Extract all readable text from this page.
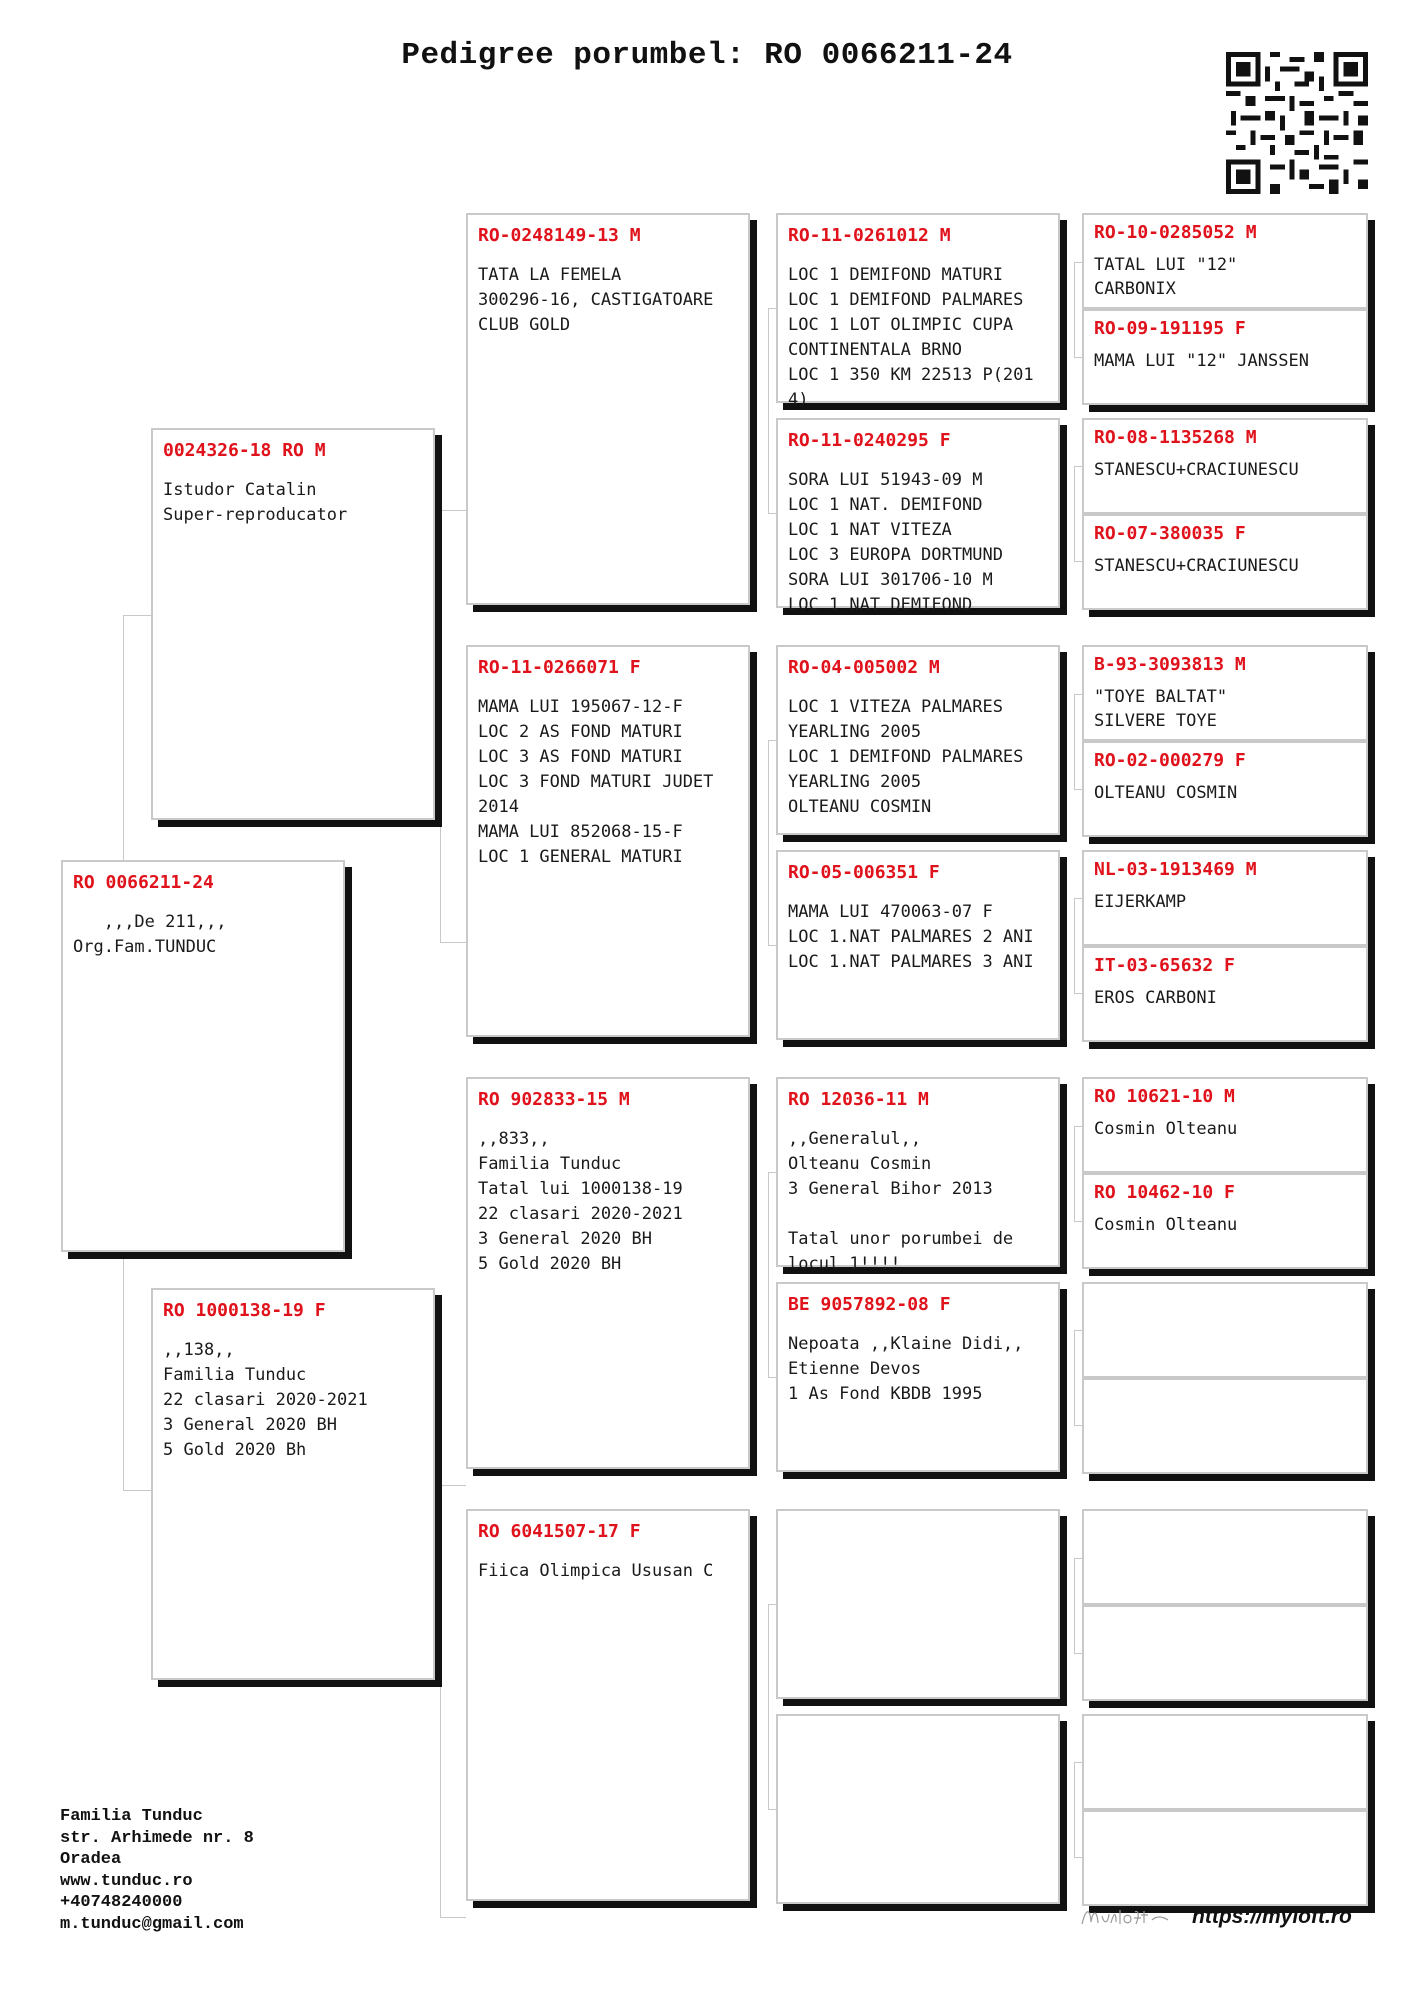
Pedigree porumbel: RO 0066211-24
RO 0066211-24
,,,De 211,,,
Org.Fam.TUNDUC
0024326-18 RO M
Istudor Catalin
Super-reproducator
RO 1000138-19 F
,,138,,
Familia Tunduc
22 clasari 2020-2021
3 General 2020 BH
5 Gold 2020 Bh
RO-0248149-13 M
TATA LA FEMELA
300296-16, CASTIGATOARE
CLUB GOLD
RO-11-0266071 F
MAMA LUI 195067-12-F
LOC 2 AS FOND MATURI
LOC 3 AS FOND MATURI
LOC 3 FOND MATURI JUDET
2014
MAMA LUI 852068-15-F
LOC 1 GENERAL MATURI
RO 902833-15 M
,,833,,
Familia Tunduc
Tatal lui 1000138-19
22 clasari 2020-2021
3 General 2020 BH
5 Gold 2020 BH
RO 6041507-17 F
Fiica Olimpica Ususan C
RO-11-0261012 M
LOC 1 DEMIFOND MATURI
LOC 1 DEMIFOND PALMARES
LOC 1 LOT OLIMPIC CUPA
CONTINENTALA BRNO
LOC 1 350 KM 22513 P(201
4)
RO-11-0240295 F
SORA LUI 51943-09 M
LOC 1 NAT. DEMIFOND
LOC 1 NAT VITEZA
LOC 3 EUROPA DORTMUND
SORA LUI 301706-10 M
LOC 1 NAT DEMIFOND
RO-04-005002 M
LOC 1 VITEZA PALMARES
YEARLING 2005
LOC 1 DEMIFOND PALMARES
YEARLING 2005
OLTEANU COSMIN
RO-05-006351 F
MAMA LUI 470063-07 F
LOC 1.NAT PALMARES 2 ANI
LOC 1.NAT PALMARES 3 ANI
RO 12036-11 M
,,Generalul,,
Olteanu Cosmin
3 General Bihor 2013

Tatal unor porumbei de
locul 1!!!!
BE 9057892-08 F
Nepoata ,,Klaine Didi,,
Etienne Devos
1 As Fond KBDB 1995
RO-10-0285052 M
TATAL LUI "12"
CARBONIX
RO-09-191195 F
MAMA LUI "12" JANSSEN
RO-08-1135268 M
STANESCU+CRACIUNESCU
RO-07-380035 F
STANESCU+CRACIUNESCU
B-93-3093813 M
"TOYE BALTAT"
SILVERE TOYE
RO-02-000279 F
OLTEANU COSMIN
NL-03-1913469 M
EIJERKAMP
IT-03-65632 F
EROS CARBONI
RO 10621-10 M
Cosmin Olteanu
RO 10462-10 F
Cosmin Olteanu
Familia Tunduc
str. Arhimede nr. 8
Oradea
www.tunduc.ro
+40748240000
m.tunduc@gmail.com	https://myloft.ro
